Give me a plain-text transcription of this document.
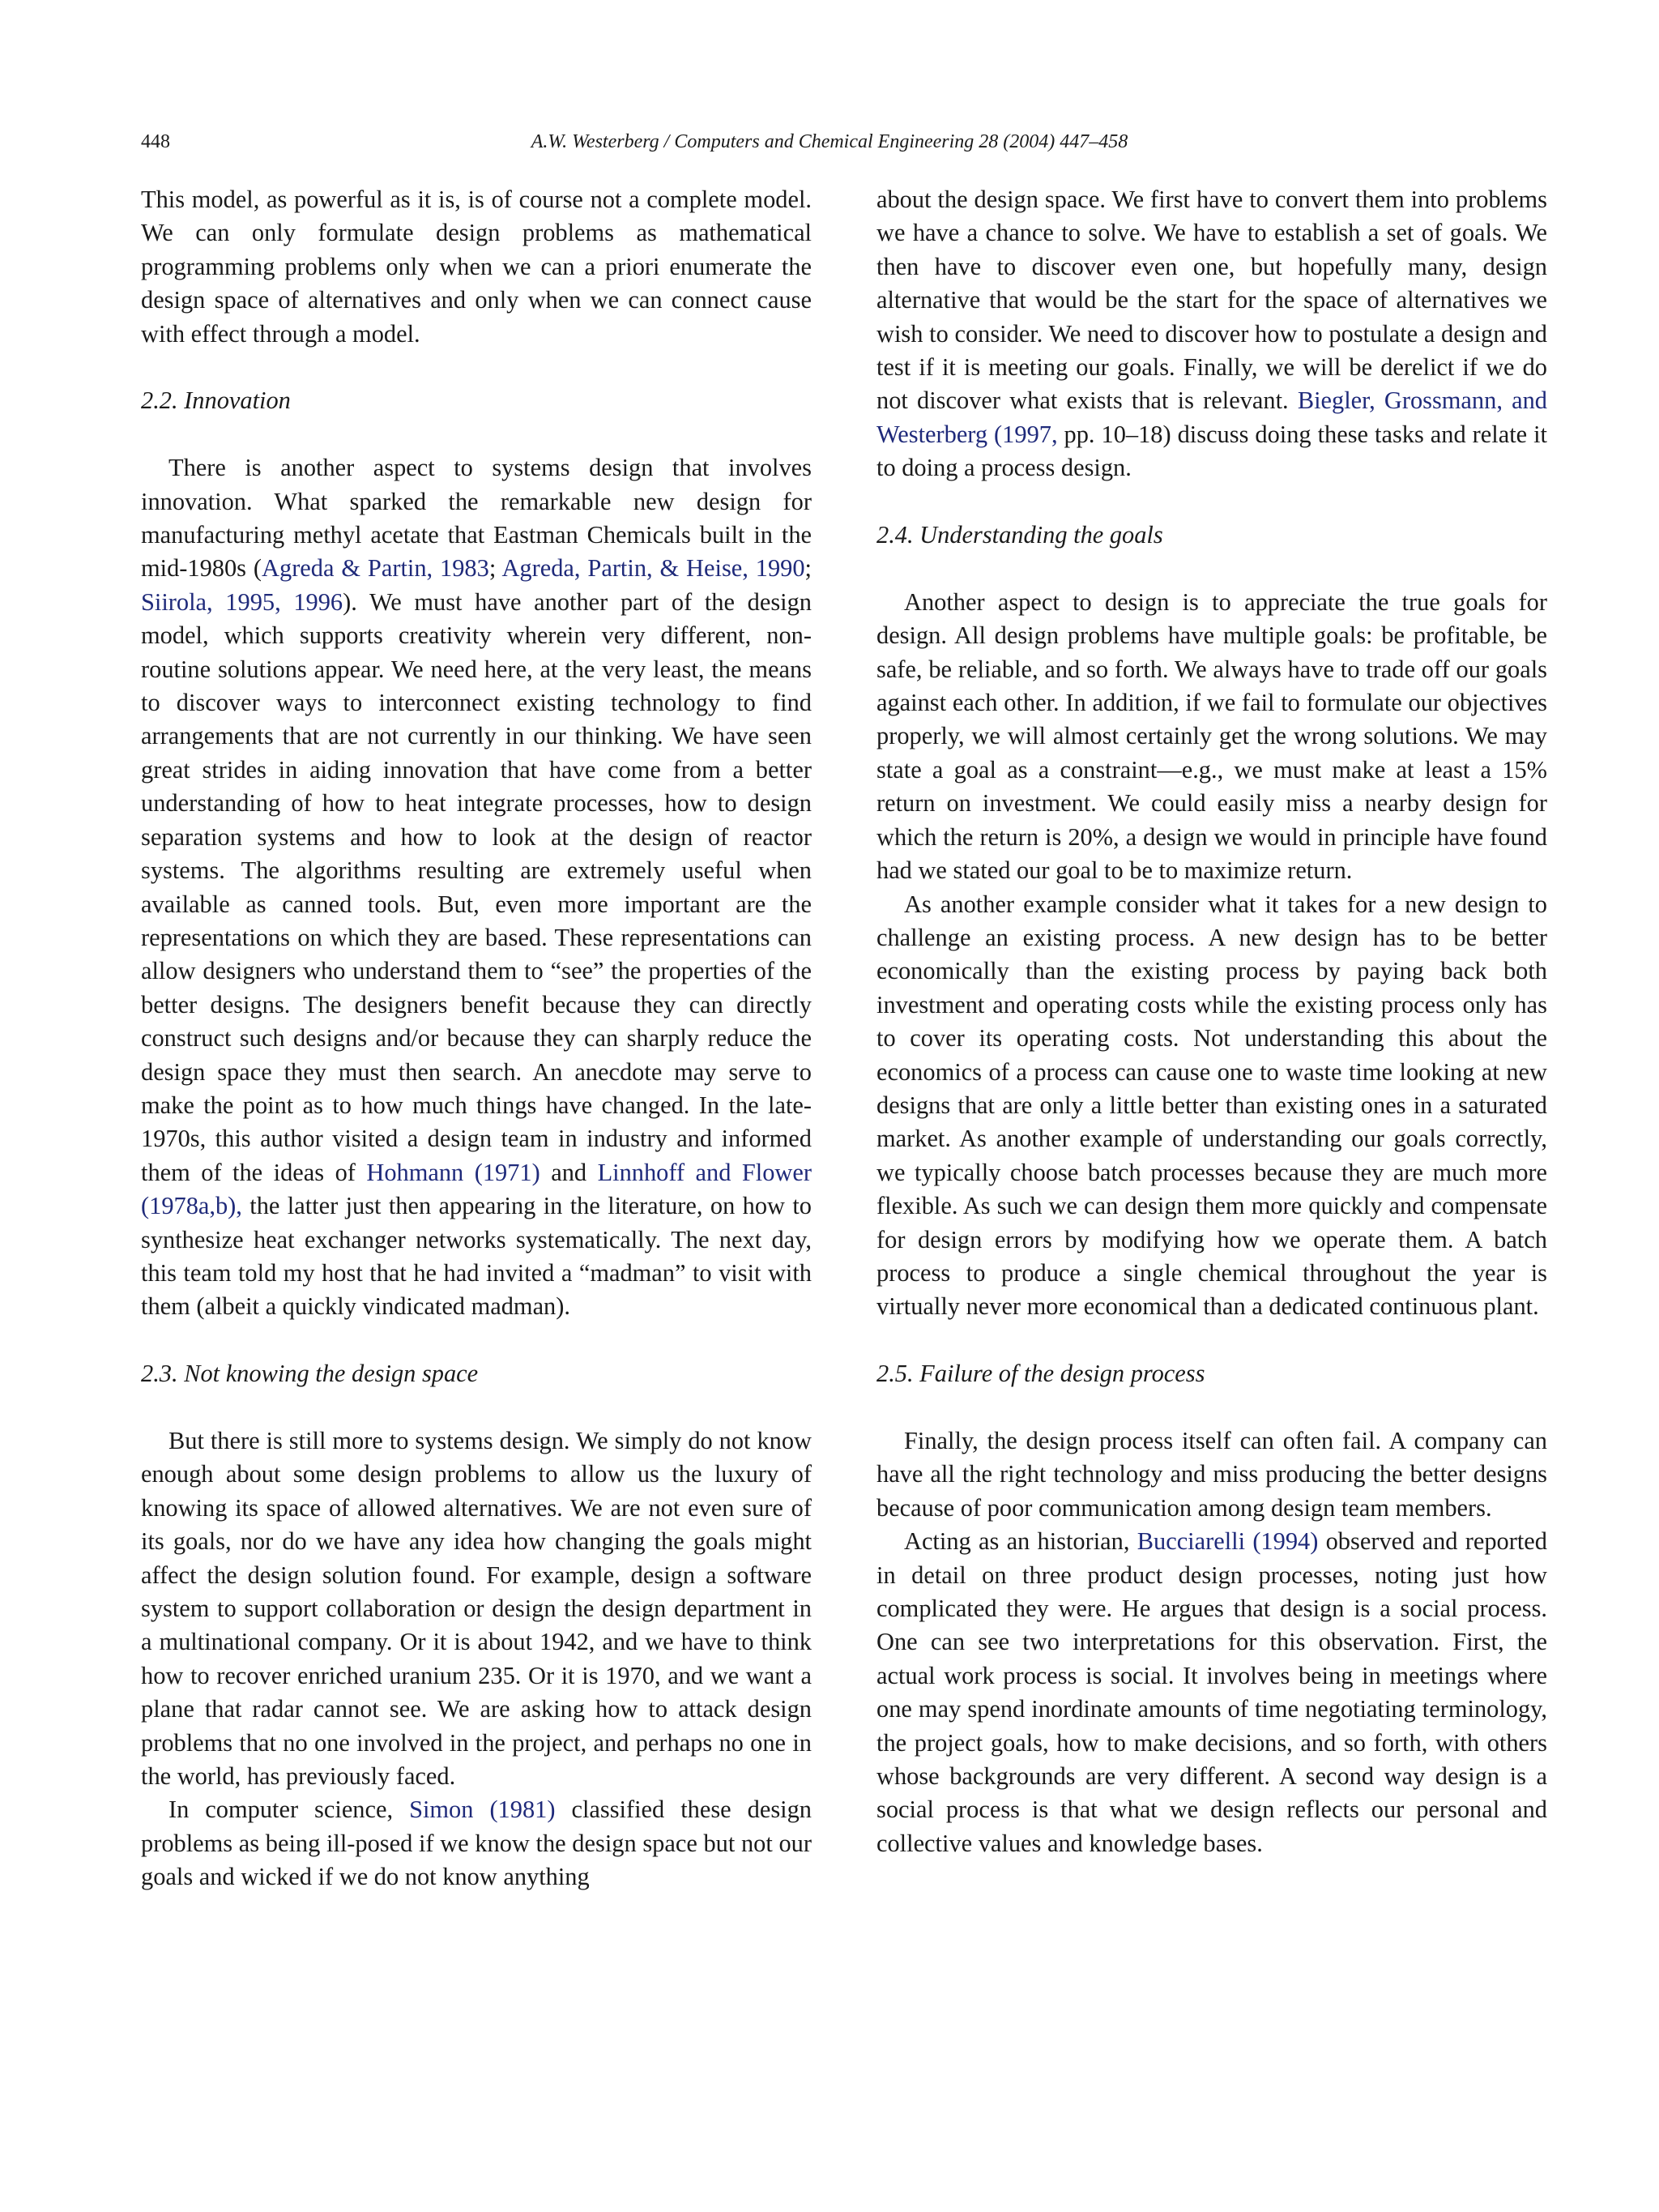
448	A.W. Westerberg / Computers and Chemical Engineering 28 (2004) 447–458

This model, as powerful as it is, is of course not a complete model. We can only formulate design problems as mathematical programming problems only when we can a priori enumerate the design space of alternatives and only when we can connect cause with effect through a model.

2.2. Innovation

There is another aspect to systems design that involves innovation. What sparked the remarkable new design for manufacturing methyl acetate that Eastman Chemicals built in the mid-1980s (Agreda & Partin, 1983; Agreda, Partin, & Heise, 1990; Siirola, 1995, 1996). We must have another part of the design model, which supports creativity wherein very different, non-routine solutions appear. We need here, at the very least, the means to discover ways to interconnect existing technology to find arrangements that are not currently in our thinking. We have seen great strides in aiding innovation that have come from a better understanding of how to heat integrate processes, how to design separation systems and how to look at the design of reactor systems. The algorithms resulting are extremely useful when available as canned tools. But, even more important are the representations on which they are based. These representations can allow designers who understand them to “see” the properties of the better designs. The designers benefit because they can directly construct such designs and/or because they can sharply reduce the design space they must then search. An anecdote may serve to make the point as to how much things have changed. In the late-1970s, this author visited a design team in industry and informed them of the ideas of Hohmann (1971) and Linnhoff and Flower (1978a,b), the latter just then appearing in the literature, on how to synthesize heat exchanger networks systematically. The next day, this team told my host that he had invited a “madman” to visit with them (albeit a quickly vindicated madman).

2.3. Not knowing the design space

But there is still more to systems design. We simply do not know enough about some design problems to allow us the luxury of knowing its space of allowed alternatives. We are not even sure of its goals, nor do we have any idea how changing the goals might affect the design solution found. For example, design a software system to support collaboration or design the design department in a multinational company. Or it is about 1942, and we have to think how to recover enriched uranium 235. Or it is 1970, and we want a plane that radar cannot see. We are asking how to attack design problems that no one involved in the project, and perhaps no one in the world, has previously faced.

In computer science, Simon (1981) classified these design problems as being ill-posed if we know the design space but not our goals and wicked if we do not know anything

about the design space. We first have to convert them into problems we have a chance to solve. We have to establish a set of goals. We then have to discover even one, but hopefully many, design alternative that would be the start for the space of alternatives we wish to consider. We need to discover how to postulate a design and test if it is meeting our goals. Finally, we will be derelict if we do not discover what exists that is relevant. Biegler, Grossmann, and Westerberg (1997, pp. 10–18) discuss doing these tasks and relate it to doing a process design.

2.4. Understanding the goals

Another aspect to design is to appreciate the true goals for design. All design problems have multiple goals: be profitable, be safe, be reliable, and so forth. We always have to trade off our goals against each other. In addition, if we fail to formulate our objectives properly, we will almost certainly get the wrong solutions. We may state a goal as a constraint—e.g., we must make at least a 15% return on investment. We could easily miss a nearby design for which the return is 20%, a design we would in principle have found had we stated our goal to be to maximize return.

As another example consider what it takes for a new design to challenge an existing process. A new design has to be better economically than the existing process by paying back both investment and operating costs while the existing process only has to cover its operating costs. Not understanding this about the economics of a process can cause one to waste time looking at new designs that are only a little better than existing ones in a saturated market. As another example of understanding our goals correctly, we typically choose batch processes because they are much more flexible. As such we can design them more quickly and compensate for design errors by modifying how we operate them. A batch process to produce a single chemical throughout the year is virtually never more economical than a dedicated continuous plant.

2.5. Failure of the design process

Finally, the design process itself can often fail. A company can have all the right technology and miss producing the better designs because of poor communication among design team members.

Acting as an historian, Bucciarelli (1994) observed and reported in detail on three product design processes, noting just how complicated they were. He argues that design is a social process. One can see two interpretations for this observation. First, the actual work process is social. It involves being in meetings where one may spend inordinate amounts of time negotiating terminology, the project goals, how to make decisions, and so forth, with others whose backgrounds are very different. A second way design is a social process is that what we design reflects our personal and collective values and knowledge bases.
